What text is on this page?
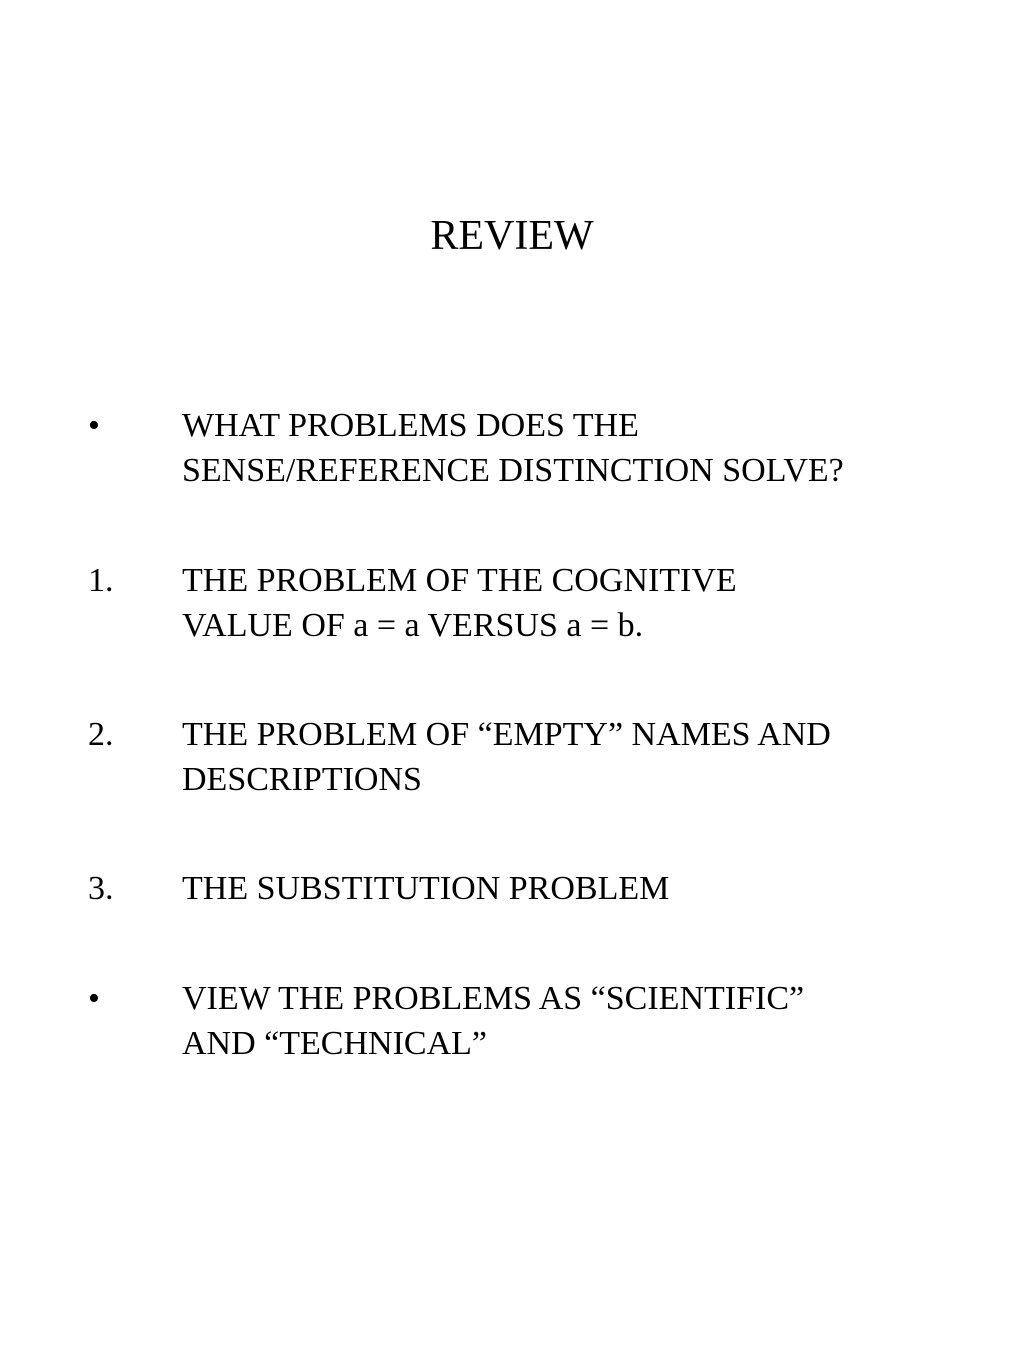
REVIEW
•	WHAT PROBLEMS DOES THE
SENSE/REFERENCE DISTINCTION SOLVE?
1.	THE PROBLEM OF THE COGNITIVE
VALUE OF a = a VERSUS a = b.
2.	THE PROBLEM OF “EMPTY” NAMES AND
DESCRIPTIONS
3.	THE SUBSTITUTION PROBLEM
•	VIEW THE PROBLEMS AS “SCIENTIFIC”
AND “TECHNICAL”
